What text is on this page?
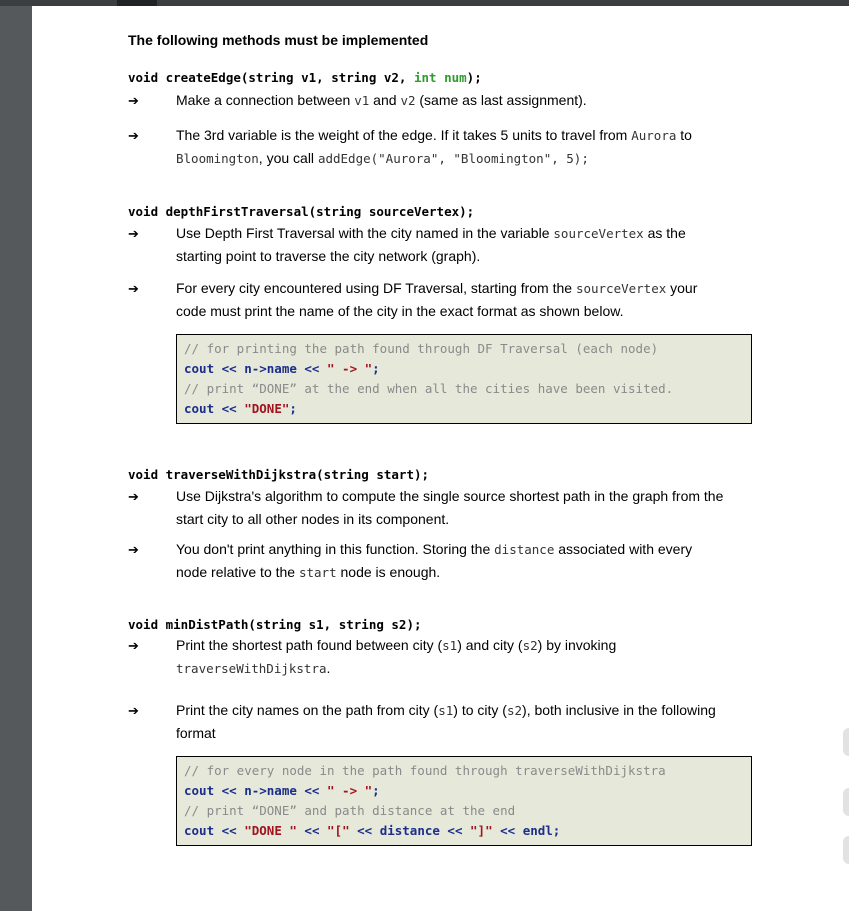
The following methods must be implemented
void createEdge(string v1, string v2, int num);
➔	Make a connection between v1 and v2 (same as last assignment).
➔	The 3rd variable is the weight of the edge. If it takes 5 units to travel from Aurora to
Bloomington, you call addEdge("Aurora", "Bloomington", 5);
void depthFirstTraversal(string sourceVertex);
➔	Use Depth First Traversal with the city named in the variable sourceVertex as the
starting point to traverse the city network (graph).
➔	For every city encountered using DF Traversal, starting from the sourceVertex your
code must print the name of the city in the exact format as shown below.
// for printing the path found through DF Traversal (each node)
cout << n->name << " -> ";
// print “DONE” at the end when all the cities have been visited.
cout << "DONE";
void traverseWithDijkstra(string start);
➔	Use Dijkstra's algorithm to compute the single source shortest path in the graph from the
start city to all other nodes in its component.
➔	You don't print anything in this function. Storing the distance associated with every
node relative to the start node is enough.
void minDistPath(string s1, string s2);
➔	Print the shortest path found between city (s1) and city (s2) by invoking
traverseWithDijkstra.
➔	Print the city names on the path from city (s1) to city (s2), both inclusive in the following
format
// for every node in the path found through traverseWithDijkstra
cout << n->name << " -> ";
// print “DONE” and path distance at the end
cout << "DONE " << "[" << distance << "]" << endl;
